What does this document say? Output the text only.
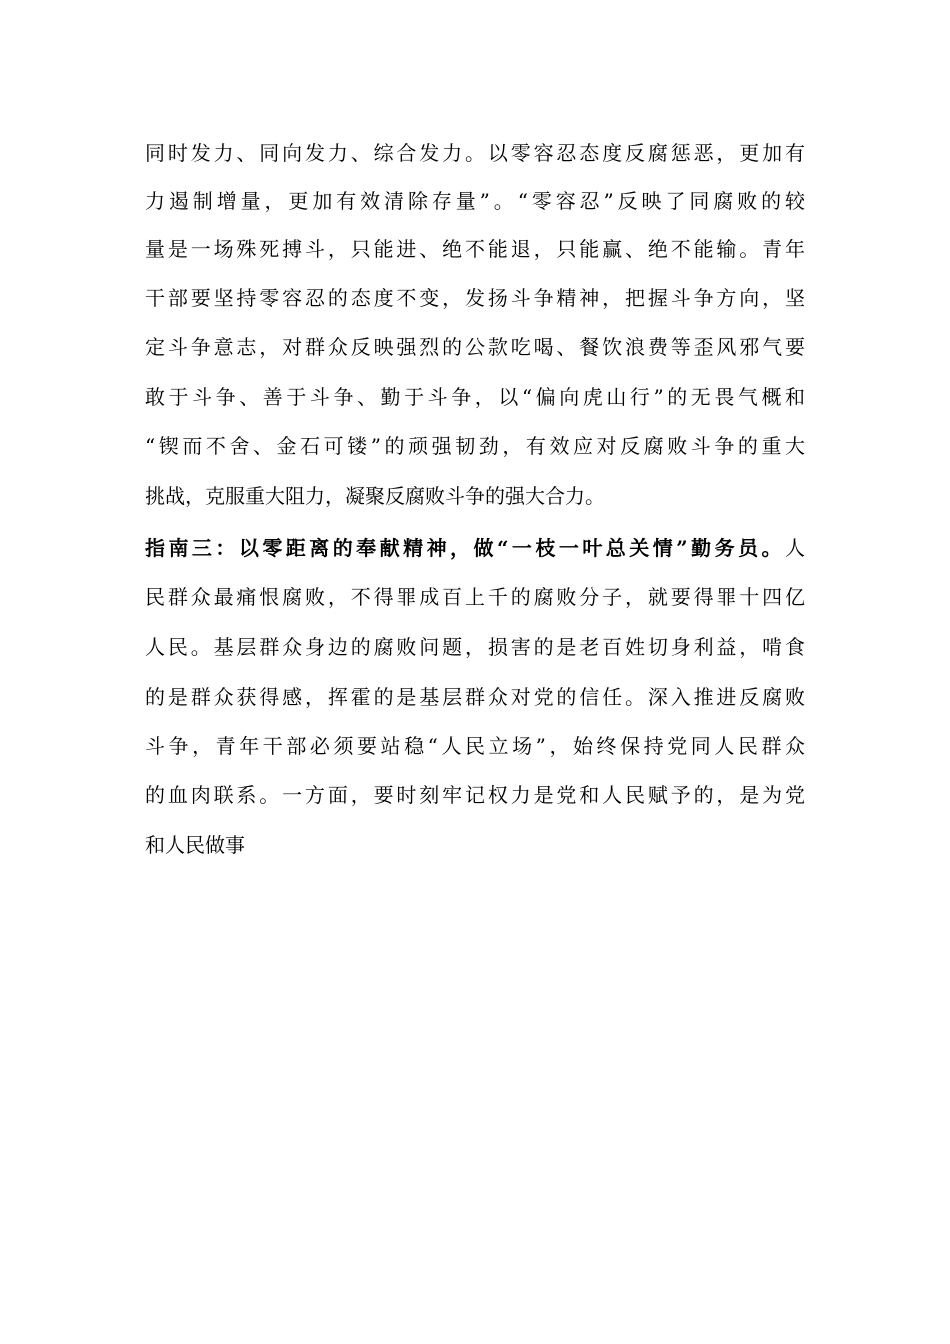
同时发力、同向发力、综合发力。以零容忍态度反腐惩恶，更加有
力遏制增量，更加有效清除存量”。“零容忍”反映了同腐败的较
量是一场殊死搏斗，只能进、绝不能退，只能赢、绝不能输。青年
干部要坚持零容忍的态度不变，发扬斗争精神，把握斗争方向，坚
定斗争意志，对群众反映强烈的公款吃喝、餐饮浪费等歪风邪气要
敢于斗争、善于斗争、勤于斗争，以“偏向虎山行”的无畏气概和
“锲而不舍、金石可镂”的顽强韧劲，有效应对反腐败斗争的重大
挑战，克服重大阻力，凝聚反腐败斗争的强大合力。
指南三：以零距离的奉献精神，做“一枝一叶总关情”勤务员。人
民群众最痛恨腐败，不得罪成百上千的腐败分子，就要得罪十四亿
人民。基层群众身边的腐败问题，损害的是老百姓切身利益，啃食
的是群众获得感，挥霍的是基层群众对党的信任。深入推进反腐败
斗争，青年干部必须要站稳“人民立场”，始终保持党同人民群众
的血肉联系。一方面，要时刻牢记权力是党和人民赋予的，是为党
和人民做事
